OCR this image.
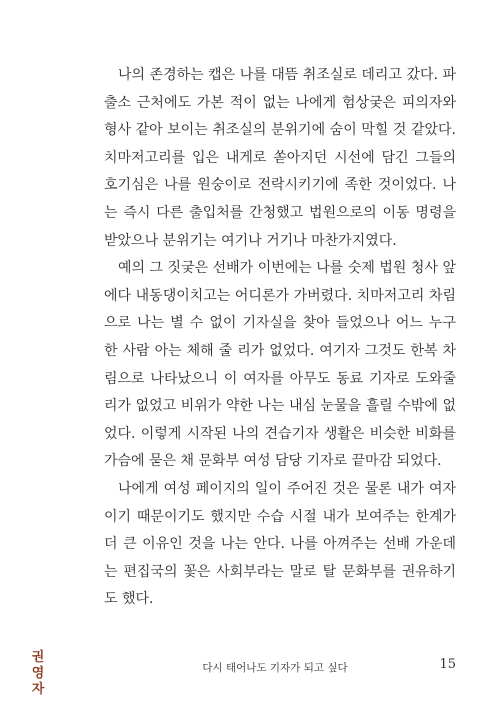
나의 존경하는 캡은 나를 대뜸 취조실로 데리고 갔다. 파출소 근처에도 가본 적이 없는 나에게 험상궂은 피의자와 형사 같아 보이는 취조실의 분위기에 숨이 막힐 것 같았다. 치마저고리를 입은 내게로 쏟아지던 시선에 담긴 그들의 호기심은 나를 원숭이로 전락시키기에 족한 것이었다. 나는 즉시 다른 출입처를 간청했고 법원으로의 이동 명령을 받았으나 분위기는 여기나 거기나 마찬가지였다.

예의 그 짓궂은 선배가 이번에는 나를 숫제 법원 청사 앞에다 내동댕이치고는 어디론가 가버렸다. 치마저고리 차림으로 나는 별 수 없이 기자실을 찾아 들었으나 어느 누구 한 사람 아는 체해 줄 리가 없었다. 여기자 그것도 한복 차림으로 나타났으니 이 여자를 아무도 동료 기자로 도와줄 리가 없었고 비위가 약한 나는 내심 눈물을 흘릴 수밖에 없었다. 이렇게 시작된 나의 견습기자 생활은 비슷한 비화를 가슴에 묻은 채 문화부 여성 담당 기자로 끝마감 되었다.

나에게 여성 페이지의 일이 주어진 것은 물론 내가 여자이기 때문이기도 했지만 수습 시절 내가 보여주는 한계가 더 큰 이유인 것을 나는 안다. 나를 아껴주는 선배 가운데는 편집국의 꽃은 사회부라는 말로 탈 문화부를 권유하기도 했다.

권영자
다시 태어나도 기자가 되고 싶다	15
